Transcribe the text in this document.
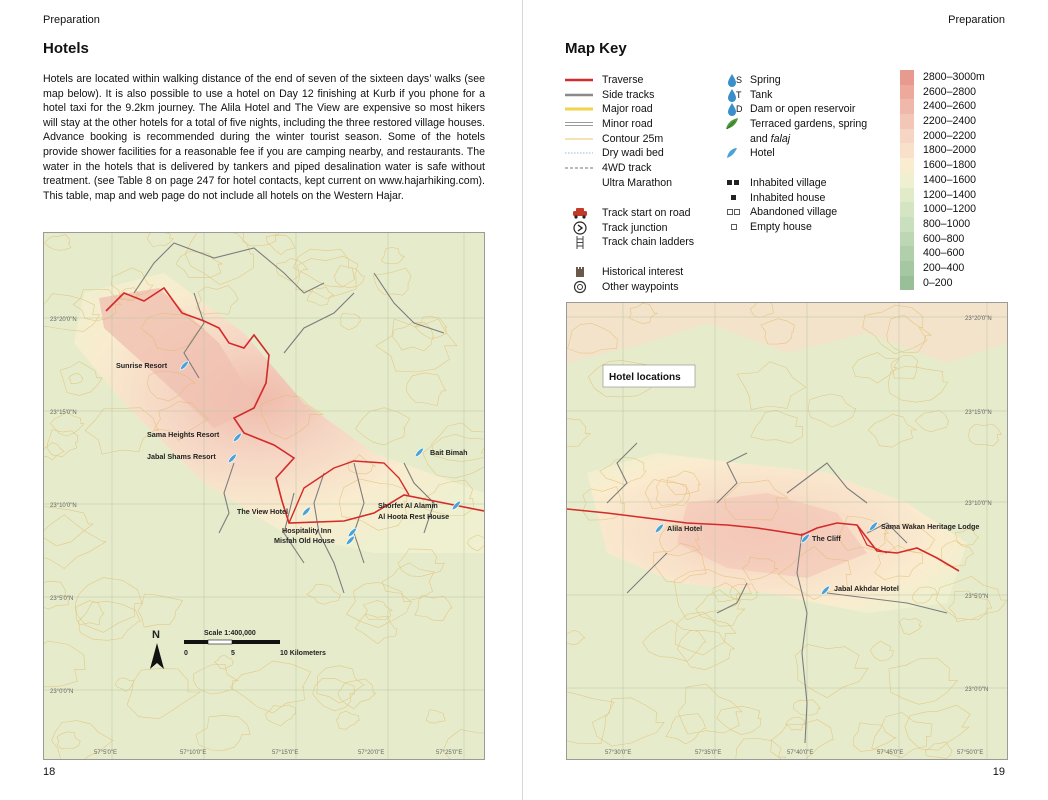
Preparation
Hotels

Hotels are located within walking distance of the end of seven of the sixteen days’ walks (see map below). It is also possible to use a hotel on Day 12 finishing at Kurb if you phone for a hotel taxi for the 9.2km journey. The Alila Hotel and The View are expensive so most hikers will stay at the other hotels for a total of five nights, including the three restored village houses. Advance booking is recommended during the winter tourist season. Some of the hotels provide shower facilities for a reasonable fee if you are camping nearby, and restaurants. The water in the hotels that is delivered by tankers and piped desalination water is safe without treatment. (see Table 8 on page 247 for hotel contacts, kept current on www.hajarhiking.com). This table, map and web page do not include all hotels on the Western Hajar.

N	Scale 1:400,000
0	5	10 Kilometers
Sunrise Resort
Sama Heights Resort
Jabal Shams Resort	Bait Bimah
Shorfet Al Alamin
Al Hoota Rest House
The View Hotel
Hospitality Inn
Misfah Old House
23°20'0"N
23°15'0"N
23°10'0"N
23°5'0"N
23°0'0"N
57°5'0"E	57°10'0"E	57°15'0"E	57°20'0"E	57°25'0"E
18
Preparation
Map Key
19
Traverse
Side tracks
Major road
Minor road
Contour 25m
Dry wadi bed
4WD track
Ultra Marathon
Track start on road
Track junction
Track chain ladders
Historical interest
Other waypoints
S Spring
T Tank
D Dam or open reservoir
Terraced gardens, spring
and falaj
Hotel
Inhabited village
Inhabited house
Abandoned village
Empty house
2800–3000m
2600–2800
2400–2600
2200–2400
2000–2200
1800–2000
1600–1800
1400–1600
1200–1400
1000–1200
800–1000
600–800
400–600
200–400
0–200
Hotel locations
Alila Hotel
The Cliff
Sama Wakan Heritage Lodge
Jabal Akhdar Hotel
23°20'0"N
23°15'0"N
23°10'0"N
23°5'0"N
23°0'0"N
57°30'0"E	57°35'0"E	57°40'0"E	57°45'0"E	57°50'0"E
